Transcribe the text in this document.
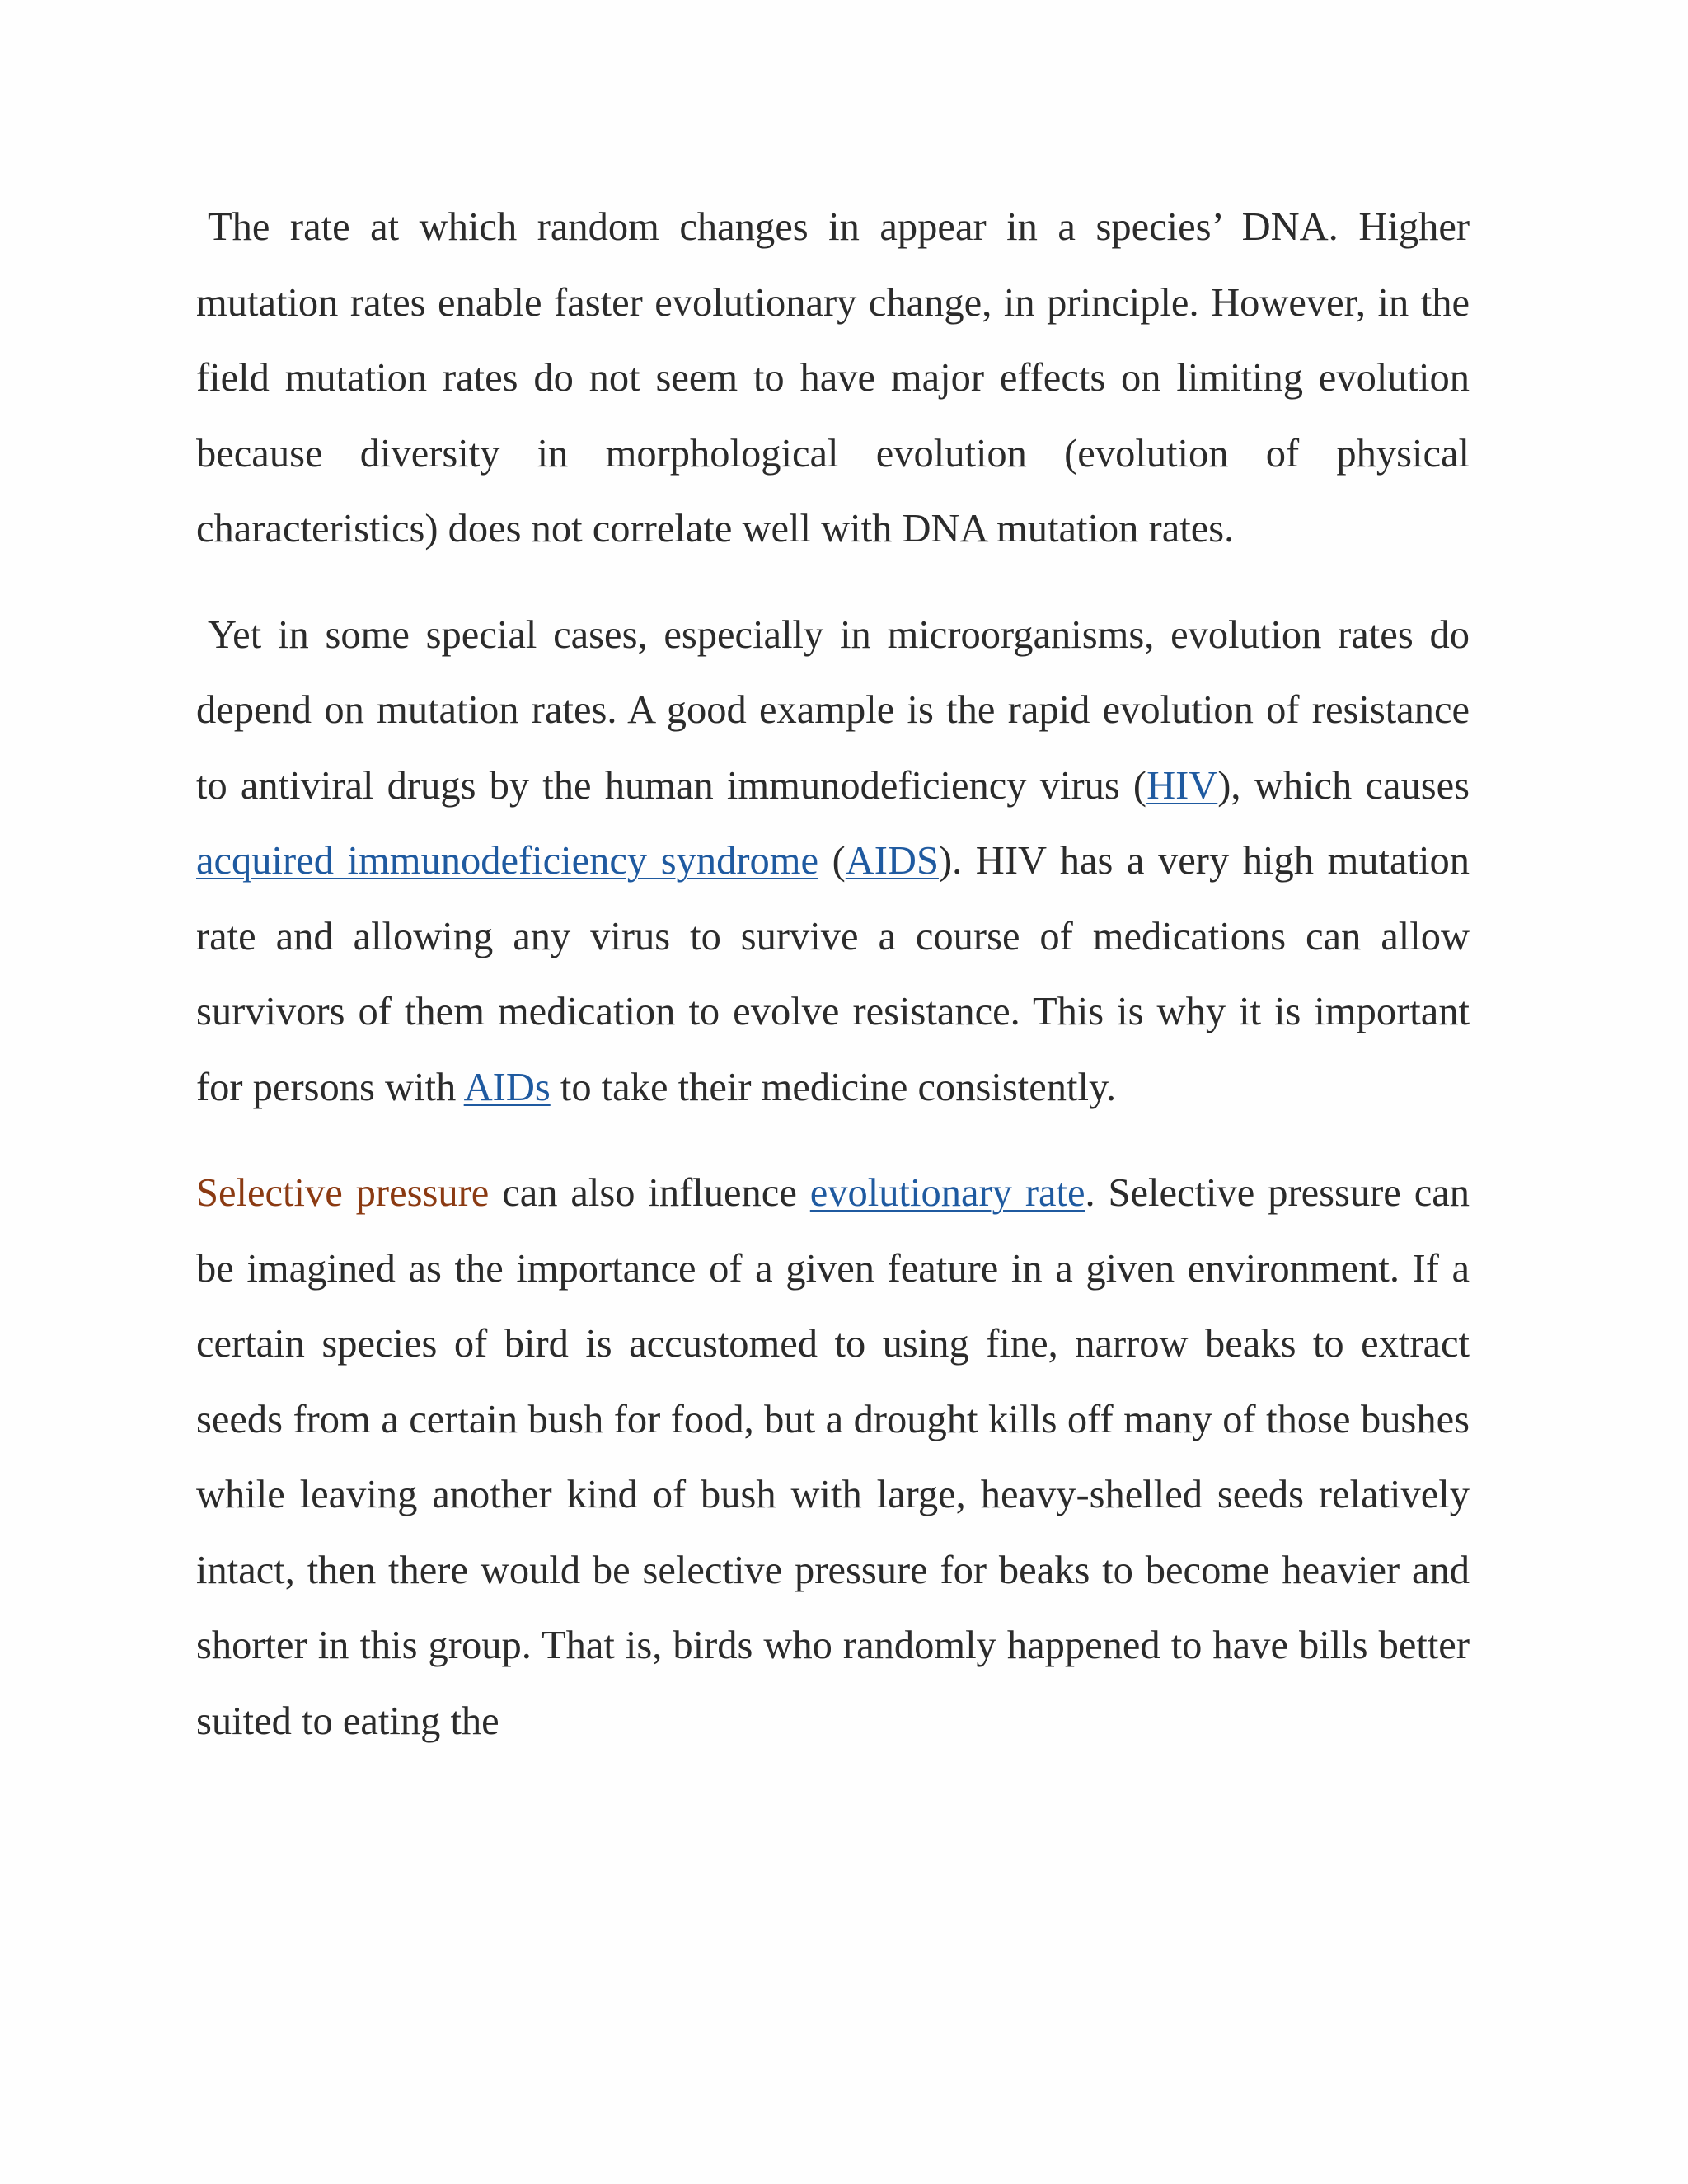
The rate at which random changes in appear in a species’ DNA. Higher mutation rates enable faster evolutionary change, in principle. However, in the field mutation rates do not seem to have major effects on limiting evolution because diversity in morphological evolution (evolution of physical characteristics) does not correlate well with DNA mutation rates.

Yet in some special cases, especially in microorganisms, evolution rates do depend on mutation rates. A good example is the rapid evolution of resistance to antiviral drugs by the human immunodeficiency virus (HIV), which causes acquired immunodeficiency syndrome (AIDS). HIV has a very high mutation rate and allowing any virus to survive a course of medications can allow survivors of them medication to evolve resistance. This is why it is important for persons with AIDs to take their medicine consistently.

Selective pressure can also influence evolutionary rate. Selective pressure can be imagined as the importance of a given feature in a given environment. If a certain species of bird is accustomed to using fine, narrow beaks to extract seeds from a certain bush for food, but a drought kills off many of those bushes while leaving another kind of bush with large, heavy-shelled seeds relatively intact, then there would be selective pressure for beaks to become heavier and shorter in this group. That is, birds who randomly happened to have bills better suited to eating the
